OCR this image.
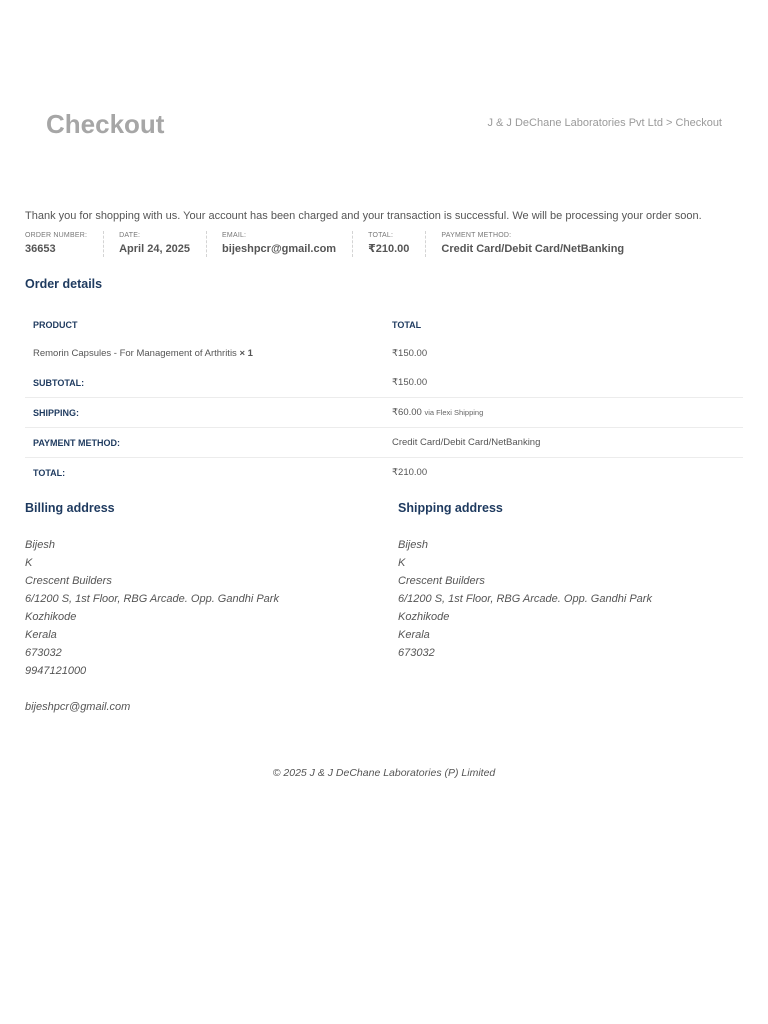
Checkout	J & J DeChane Laboratories Pvt Ltd > Checkout

Thank you for shopping with us. Your account has been charged and your transaction is successful. We will be processing your order soon.

ORDER NUMBER:
36653
DATE:
April 24, 2025
EMAIL:
bijeshpcr@gmail.com
TOTAL:
₹210.00
PAYMENT METHOD:
Credit Card/Debit Card/NetBanking
Order details
PRODUCT	TOTAL
Remorin Capsules - For Management of Arthritis × 1	₹150.00
SUBTOTAL:	₹150.00
SHIPPING:	₹60.00 via Flexi Shipping
PAYMENT METHOD:	Credit Card/Debit Card/NetBanking
TOTAL:	₹210.00
Billing address
Bijesh
K
Crescent Builders
6/1200 S, 1st Floor, RBG Arcade. Opp. Gandhi Park
Kozhikode
Kerala
673032
9947121000
bijeshpcr@gmail.com
Shipping address
Bijesh
K
Crescent Builders
6/1200 S, 1st Floor, RBG Arcade. Opp. Gandhi Park
Kozhikode
Kerala
673032
© 2025 J & J DeChane Laboratories (P) Limited
